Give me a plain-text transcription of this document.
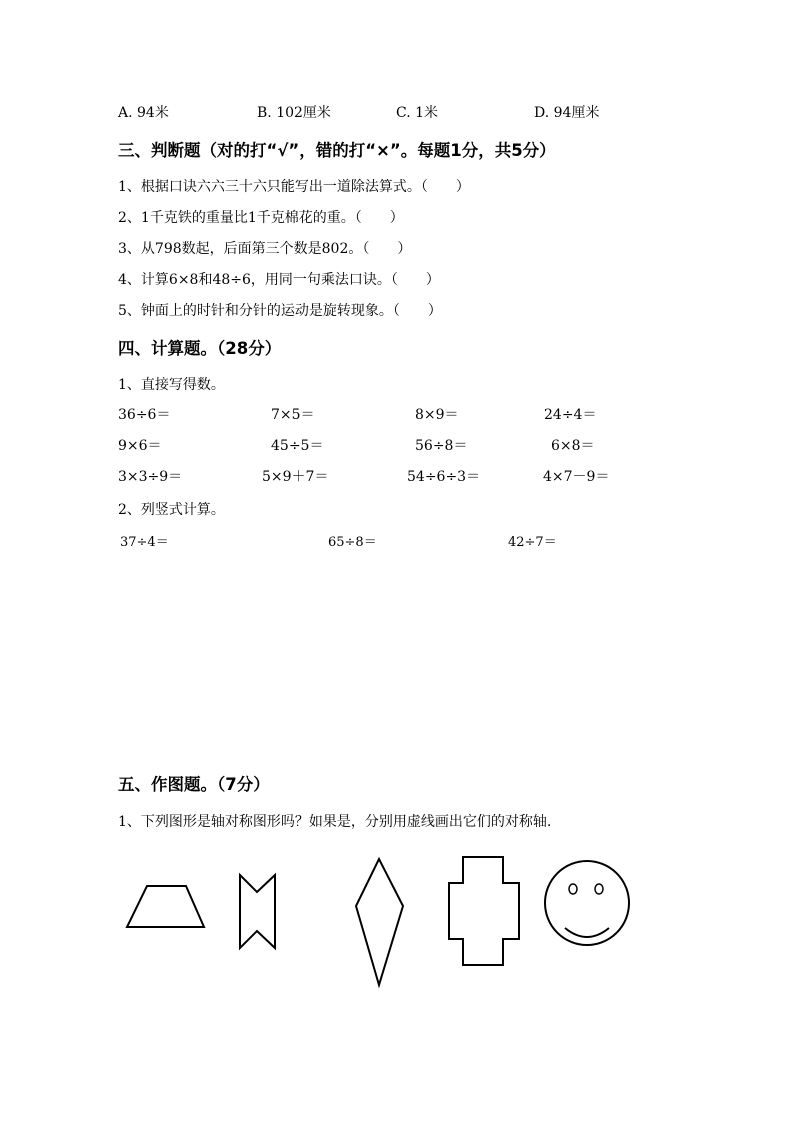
A. 94米	B. 102厘米	C. 1米	D. 94厘米
三、判断题（对的打“√”，错的打“×”。每题1分，共5分）
1、根据口诀六六三十六只能写出一道除法算式。（　　）
2、1千克铁的重量比1千克棉花的重。（　　）
3、从798数起，后面第三个数是802。（　　）
4、计算6×8和48÷6，用同一句乘法口诀。（　　）
5、钟面上的时针和分针的运动是旋转现象。（　　）
四、计算题。（28分）
1、直接写得数。
36÷6＝	7×5＝	8×9＝	24÷4＝
9×6＝	45÷5＝	56÷8＝	6×8＝
3×3÷9＝	5×9＋7＝	54÷6÷3＝	4×7－9＝
2、列竖式计算。
37÷4＝	65÷8＝	42÷7＝
五、作图题。（7分）
1、下列图形是轴对称图形吗？如果是，分别用虚线画出它们的对称轴.
